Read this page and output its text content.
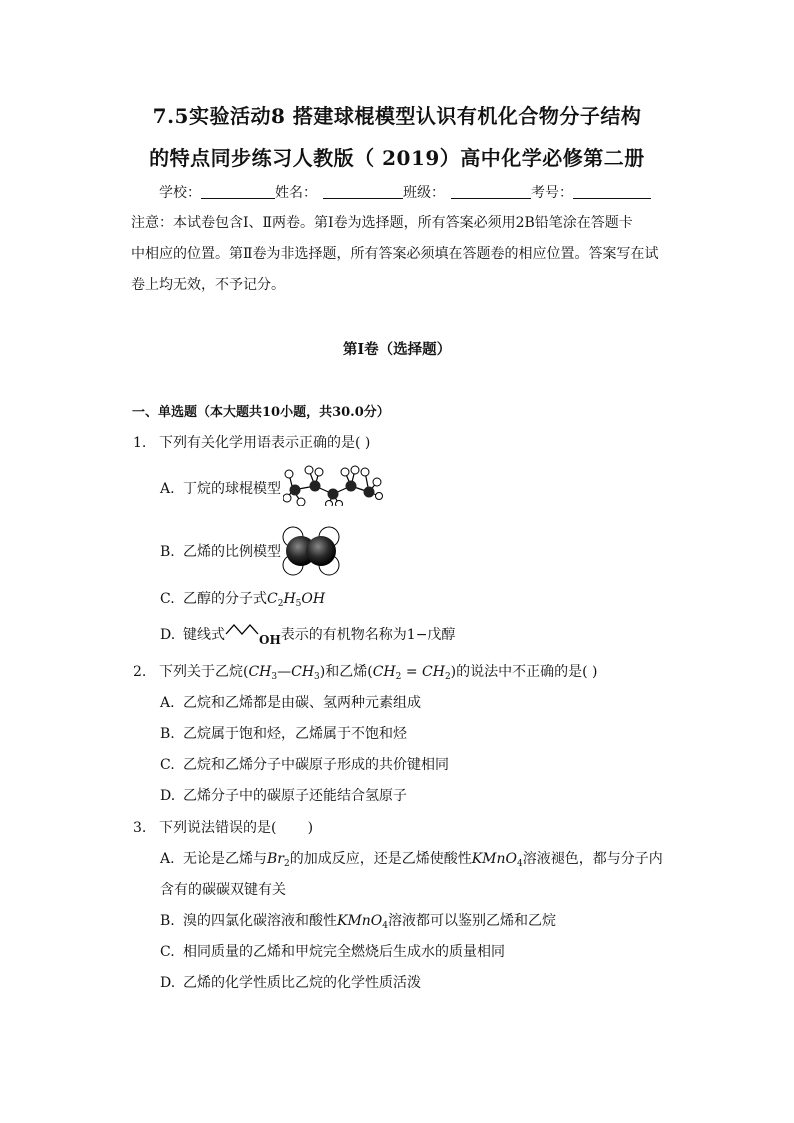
7.5实验活动8 搭建球棍模型认识有机化合物分子结构
的特点同步练习人教版（ 2019）高中化学必修第二册
学校：	姓名：	班级：	考号：
注意：本试卷包含Ⅰ、Ⅱ两卷。第Ⅰ卷为选择题，所有答案必须用2B铅笔涂在答题卡
中相应的位置。第Ⅱ卷为非选择题，所有答案必须填在答题卷的相应位置。答案写在试
卷上均无效，不予记分。
第Ⅰ卷（选择题）
一、单选题（本大题共10小题，共30.0分）
1. 下列有关化学用语表示正确的是( )
A. 丁烷的球棍模型
B. 乙烯的比例模型
C. 乙醇的分子式$C_2H_5OH$
D. 键线式	OH表示的有机物名称为1−戊醇
2. 下列关于乙烷$(CH_3—CH_3)$和乙烯$(CH_2 = CH_2)$的说法中不正确的是( )
A. 乙烷和乙烯都是由碳、氢两种元素组成
B. 乙烷属于饱和烃，乙烯属于不饱和烃
C. 乙烷和乙烯分子中碳原子形成的共价键相同
D. 乙烯分子中的碳原子还能结合氢原子
3. 下列说法错误的是(       )
A. 无论是乙烯与$Br_2$的加成反应，还是乙烯使酸性KMnO$_4$溶液褪色，都与分子内
含有的碳碳双键有关
B. 溴的四氯化碳溶液和酸性KMnO$_4$溶液都可以鉴别乙烯和乙烷
C. 相同质量的乙烯和甲烷完全燃烧后生成水的质量相同
D. 乙烯的化学性质比乙烷的化学性质活泼
